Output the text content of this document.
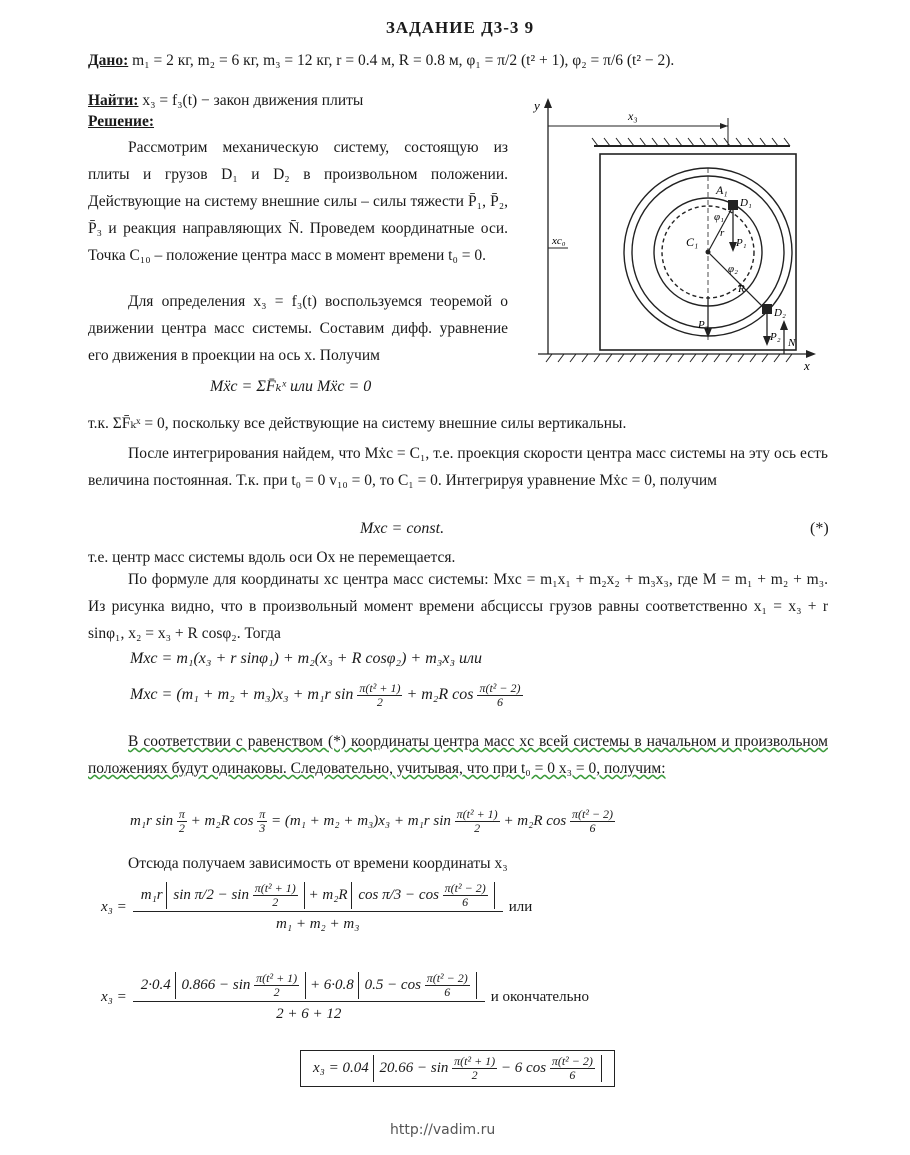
ЗАДАНИЕ Д3-3 9
Дано: m₁ = 2 кг, m₂ = 6 кг, m₃ = 12 кг, r = 0.4 м, R = 0.8 м, φ₁ = π/2 (t² + 1), φ₂ = π/6 (t² − 2).
Найти: x₃ = f₃(t) − закон движения плиты
Решение:
Рассмотрим механическую систему, состоящую из плиты и грузов D₁ и D₂ в произвольном положении. Действующие на систему внешние силы – силы тяжести P̄₁, P̄₂, P̄₃ и реакция направляющих N̄. Проведем координатные оси. Точка C₁₀ – положение центра масс в момент времени t₀ = 0.
Для определения x₃ = f₃(t) воспользуемся теоремой о движении центра масс системы. Составим дифф. уравнение его движения в проекции на ось x. Получим
y
x
x₃
xc₀	C₁
D₁
D₂
A₁
φ₁
φ₂
r
R
P₁
P₂
P₃
N
Mẍc = ΣF̄ₖˣ или Mẍc = 0
т.к. ΣF̄ₖˣ = 0, поскольку все действующие на систему внешние силы вертикальны.
После интегрирования найдем, что Mẋc = C₁, т.е. проекция скорости центра масс системы на эту ось есть величина постоянная. Т.к. при t₀ = 0 v₁₀ = 0, то C₁ = 0. Интегрируя уравнение Mẋc = 0, получим
Mxc = const.	(*)
т.е. центр масс системы вдоль оси Ox не перемещается.
По формуле для координаты xc центра масс системы: Mxc = m₁x₁ + m₂x₂ + m₃x₃, где M = m₁ + m₂ + m₃. Из рисунка видно, что в произвольный момент времени абсциссы грузов равны соответственно x₁ = x₃ + r sinφ₁, x₂ = x₃ + R cosφ₂. Тогда
Mxc = m₁(x₃ + r sinφ₁) + m₂(x₃ + R cosφ₂) + m₃x₃ или
Mxc = (m₁ + m₂ + m₃)x₃ + m₁r $\sin \frac{\text{π(t² + 1)}}{2} + m_2R$ $\cos \frac{\text{π(t² − 2)}}{6}$
В соответствии с равенством (*) координаты центра масс xc всей системы в начальном и произвольном положениях будут одинаковы. Следовательно, учитывая, что при t₀ = 0 x₃ = 0, получим:
m₁r $\sin \frac{\pi}{2} + m_2R$ $\cos \frac{\pi}{3} = (m_1 + m_2 + m_3)x_3 + m_1r$ $\sin \frac{\text{π(t² + 1)}}{2} + m_2R$ $\cos \frac{\text{π(t² − 2)}}{6}$
Отсюда получаем зависимость от времени координаты x₃
x₃ =	m₁r $\sin \pi/2 - \sin \frac{\text{π(t² + 1)}}{2} + m_2R$ $\cos \pi/3 - \cos \frac{\text{π(t² − 2)}}{6}$	или
m₁ + m₂ + m₃
x₃ =	2·0.4 $0.866 - \sin \frac{\text{π(t² + 1)}}{2} + 6\cdot 0.8$ $0.5 - \cos \frac{\text{π(t² − 2)}}{6}$	и окончательно
2 + 6 + 12
x₃ = 0.04 $20.66 - \sin \frac{\text{π(t² + 1)}}{2} - 6$ $\cos \frac{\text{π(t² − 2)}}{6}$
http://vadim.ru
